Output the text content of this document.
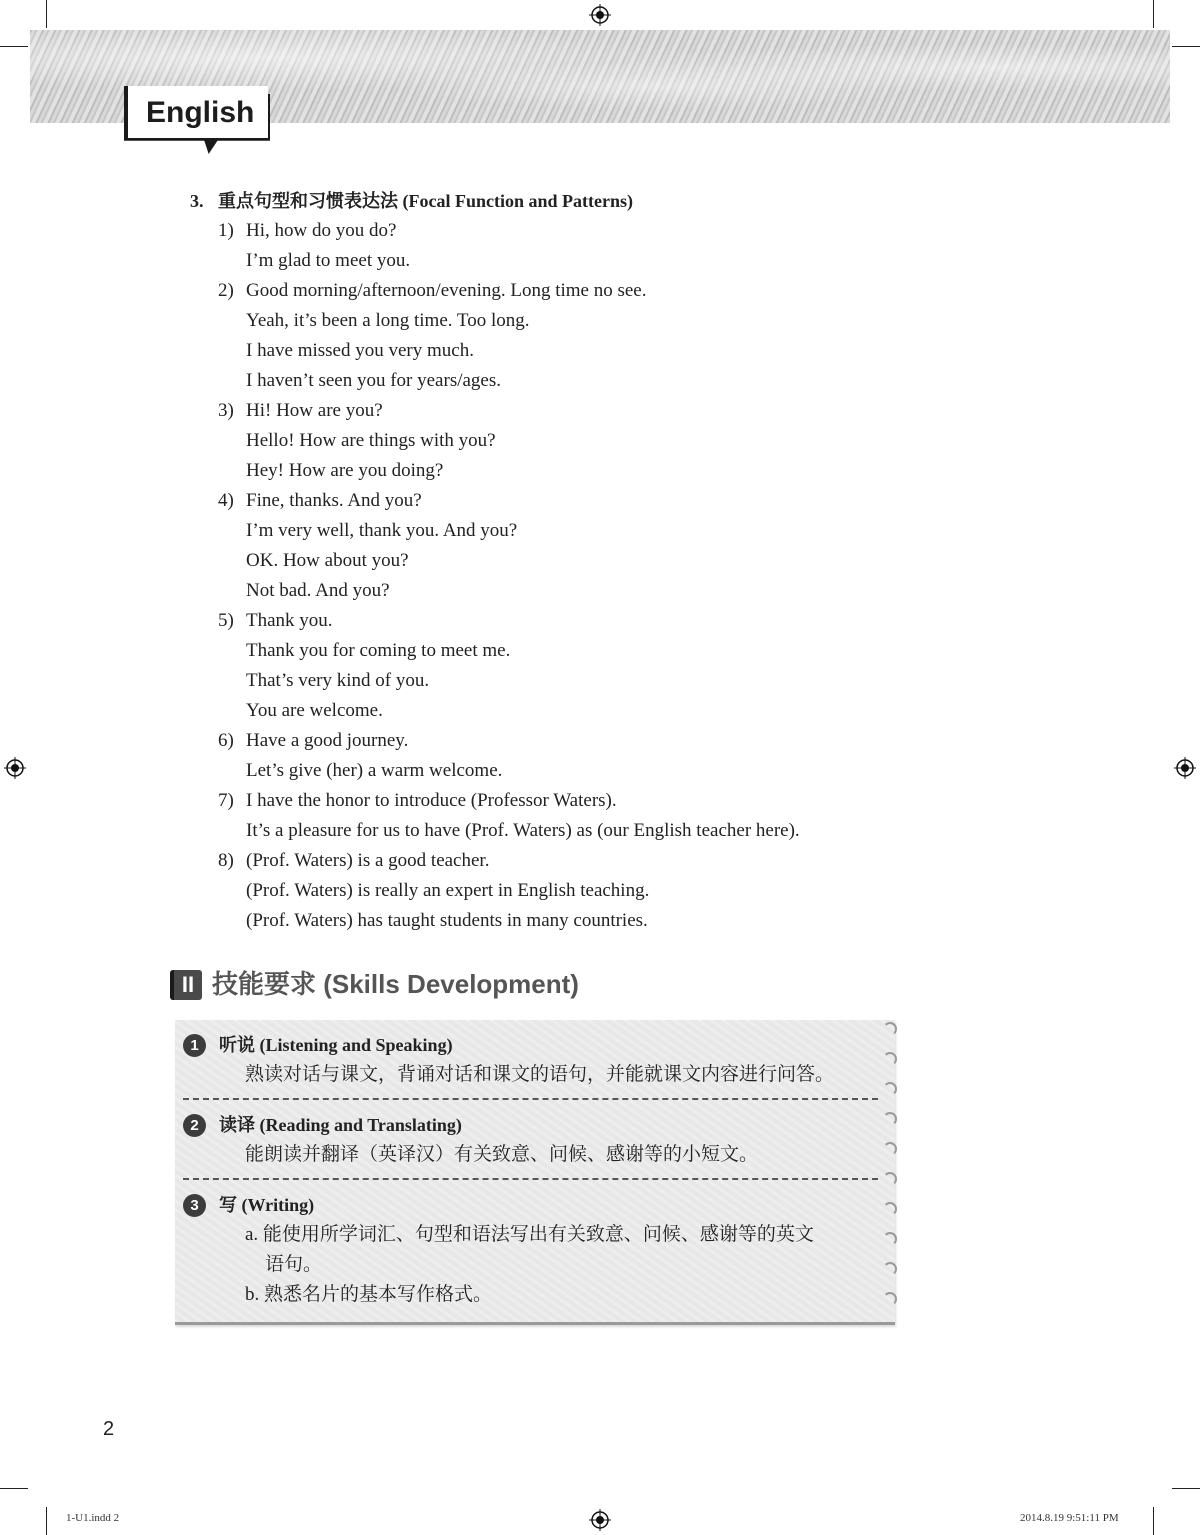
English
3. 重点句型和习惯表达法 (Focal Function and Patterns)
1) Hi, how do you do?
I’m glad to meet you.
2) Good morning/afternoon/evening. Long time no see.
Yeah, it’s been a long time. Too long.
I have missed you very much.
I haven’t seen you for years/ages.
3) Hi! How are you?
Hello! How are things with you?
Hey! How are you doing?
4) Fine, thanks. And you?
I’m very well, thank you. And you?
OK. How about you?
Not bad. And you?
5) Thank you.
Thank you for coming to meet me.
That’s very kind of you.
You are welcome.
6) Have a good journey.
Let’s give (her) a warm welcome.
7) I have the honor to introduce (Professor Waters).
It’s a pleasure for us to have (Prof. Waters) as (our English teacher here).
8) (Prof. Waters) is a good teacher.
(Prof. Waters) is really an expert in English teaching.
(Prof. Waters) has taught students in many countries.
II 技能要求 (Skills Development)
1	听说 (Listening and Speaking)
熟读对话与课文，背诵对话和课文的语句，并能就课文内容进行问答。
2	读译 (Reading and Translating)
能朗读并翻译（英译汉）有关致意、问候、感谢等的小短文。
3	写 (Writing)
a. 能使用所学词汇、句型和语法写出有关致意、问候、感谢等的英文
语句。
b. 熟悉名片的基本写作格式。
2
1-U1.indd 2	2014.8.19 9:51:11 PM
